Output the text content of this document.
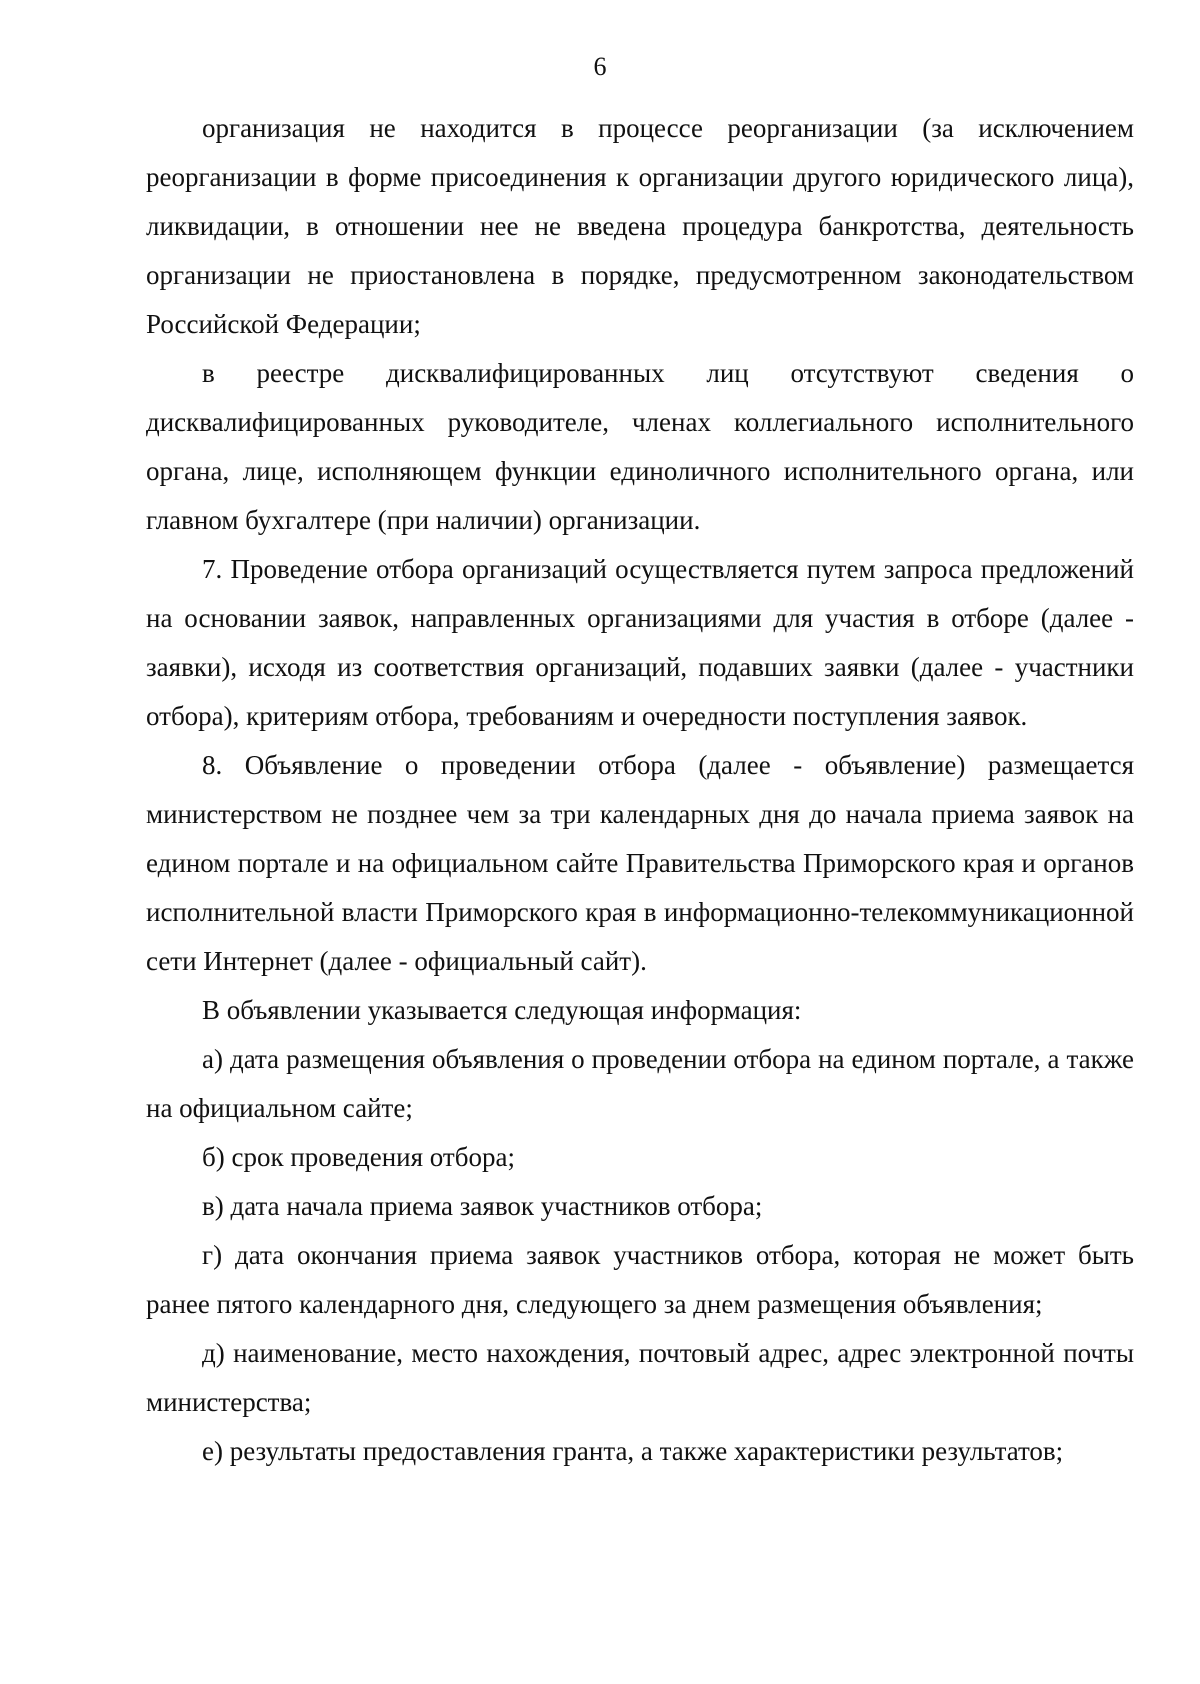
6

организация не находится в процессе реорганизации (за исключением реорганизации в форме присоединения к организации другого юридического лица), ликвидации, в отношении нее не введена процедура банкротства, деятельность организации не приостановлена в порядке, предусмотренном законодательством Российской Федерации;

в реестре дисквалифицированных лиц отсутствуют сведения о дисквалифицированных руководителе, членах коллегиального исполнительного органа, лице, исполняющем функции единоличного исполнительного органа, или главном бухгалтере (при наличии) организации.

7. Проведение отбора организаций осуществляется путем запроса предложений на основании заявок, направленных организациями для участия в отборе (далее - заявки), исходя из соответствия организаций, подавших заявки (далее - участники отбора), критериям отбора, требованиям и очередности поступления заявок.

8. Объявление о проведении отбора (далее - объявление) размещается министерством не позднее чем за три календарных дня до начала приема заявок на едином портале и на официальном сайте Правительства Приморского края и органов исполнительной власти Приморского края в информационно-телекоммуникационной сети Интернет (далее - официальный сайт).

В объявлении указывается следующая информация:

а) дата размещения объявления о проведении отбора на едином портале, а также на официальном сайте;

б) срок проведения отбора;

в) дата начала приема заявок участников отбора;

г) дата окончания приема заявок участников отбора, которая не может быть ранее пятого календарного дня, следующего за днем размещения объявления;

д) наименование, место нахождения, почтовый адрес, адрес электронной почты министерства;

е) результаты предоставления гранта, а также характеристики результатов;
